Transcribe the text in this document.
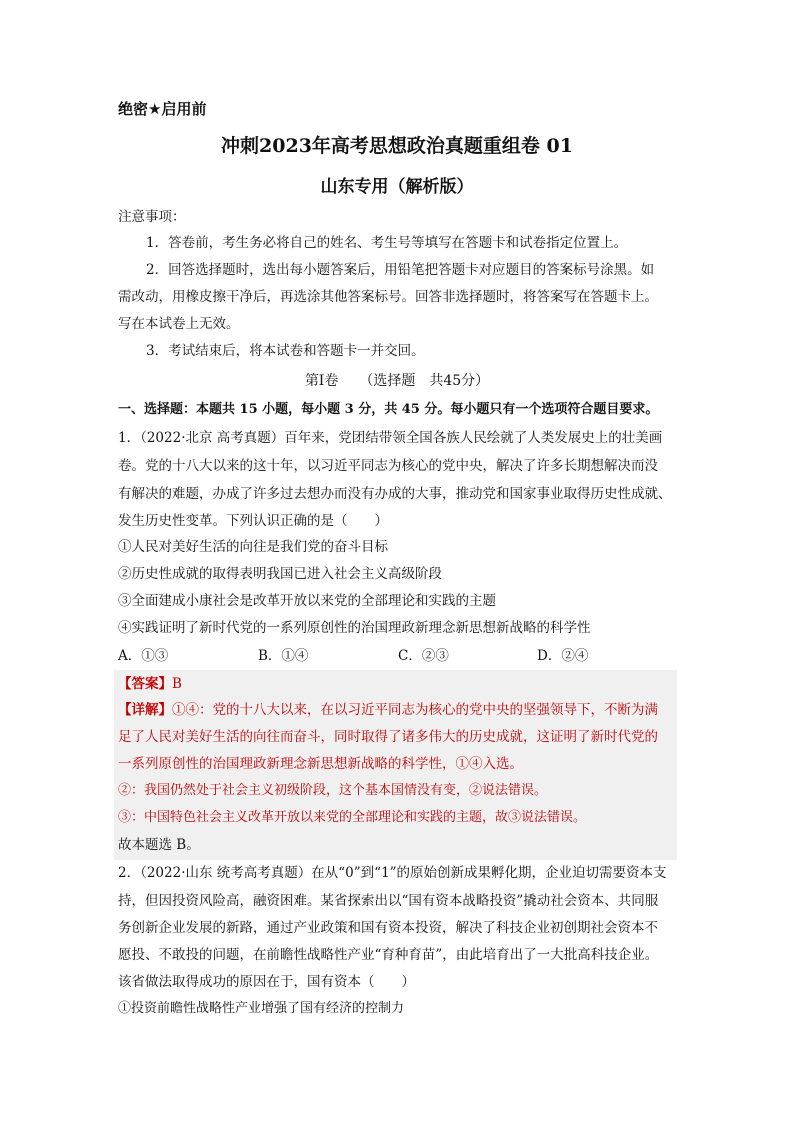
绝密★启用前
冲刺2023年高考思想政治真题重组卷 01
山东专用（解析版）
注意事项：
1．答卷前，考生务必将自己的姓名、考生号等填写在答题卡和试卷指定位置上。
2．回答选择题时，选出每小题答案后，用铅笔把答题卡对应题目的答案标号涂黑。如
需改动，用橡皮擦干净后，再选涂其他答案标号。回答非选择题时，将答案写在答题卡上。
写在本试卷上无效。
3．考试结束后，将本试卷和答题卡一并交回。
第I卷　　（选择题　共45分）
一、选择题：本题共 15 小题，每小题 3 分，共 45 分。每小题只有一个选项符合题目要求。
1．（2022·北京 高考真题）百年来，党团结带领全国各族人民绘就了人类发展史上的壮美画
卷。党的十八大以来的这十年，以习近平同志为核心的党中央，解决了许多长期想解决而没
有解决的难题，办成了许多过去想办而没有办成的大事，推动党和国家事业取得历史性成就、
发生历史性变革。下列认识正确的是（　　）
①人民对美好生活的向往是我们党的奋斗目标
②历史性成就的取得表明我国已进入社会主义高级阶段
③全面建成小康社会是改革开放以来党的全部理论和实践的主题
④实践证明了新时代党的一系列原创性的治国理政新理念新思想新战略的科学性
A．①③	B．①④	C．②③	D．②④
【答案】B
【详解】①④：党的十八大以来，在以习近平同志为核心的党中央的坚强领导下，不断为满
足了人民对美好生活的向往而奋斗，同时取得了诸多伟大的历史成就，这证明了新时代党的
一系列原创性的治国理政新理念新思想新战略的科学性，①④入选。
②：我国仍然处于社会主义初级阶段，这个基本国情没有变，②说法错误。
③：中国特色社会主义改革开放以来党的全部理论和实践的主题，故③说法错误。
故本题选 B。
2．（2022·山东 统考高考真题）在从“0”到“1”的原始创新成果孵化期，企业迫切需要资本支
持，但因投资风险高，融资困难。某省探索出以“国有资本战略投资”撬动社会资本、共同服
务创新企业发展的新路，通过产业政策和国有资本投资，解决了科技企业初创期社会资本不
愿投、不敢投的问题，在前瞻性战略性产业“育种育苗”，由此培育出了一大批高科技企业。
该省做法取得成功的原因在于，国有资本（　　）
①投资前瞻性战略性产业增强了国有经济的控制力
